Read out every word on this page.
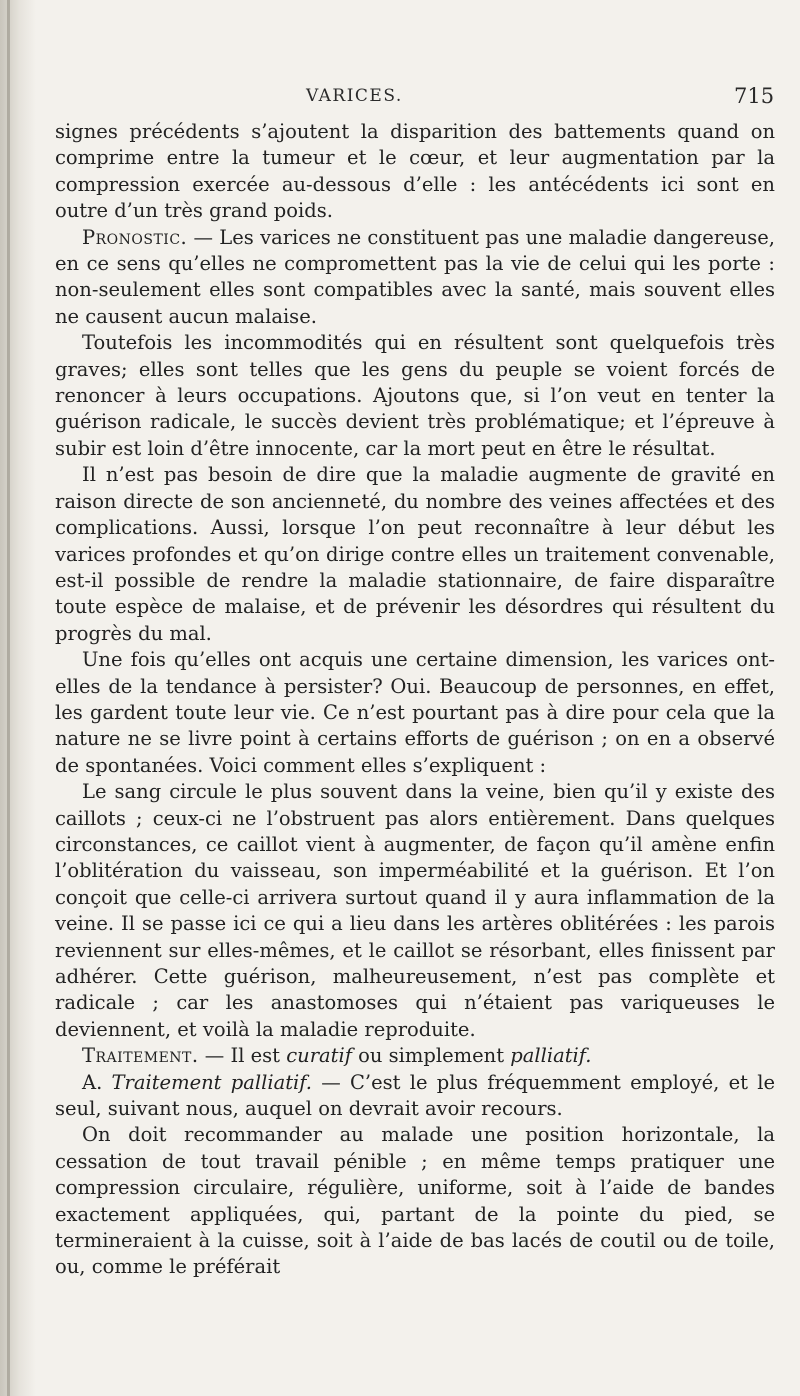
VARICES.	715

signes précédents s’ajoutent la disparition des battements quand on comprime entre la tumeur et le cœur, et leur augmentation par la compression exercée au-dessous d’elle : les antécédents ici sont en outre d’un très grand poids.

Pronostic. — Les varices ne constituent pas une maladie dangereuse, en ce sens qu’elles ne compromettent pas la vie de celui qui les porte : non-seulement elles sont compatibles avec la santé, mais souvent elles ne causent aucun malaise.

Toutefois les incommodités qui en résultent sont quelquefois très graves; elles sont telles que les gens du peuple se voient forcés de renoncer à leurs occupations. Ajoutons que, si l’on veut en tenter la guérison radicale, le succès devient très problématique; et l’épreuve à subir est loin d’être innocente, car la mort peut en être le résultat.

Il n’est pas besoin de dire que la maladie augmente de gravité en raison directe de son ancienneté, du nombre des veines affectées et des complications. Aussi, lorsque l’on peut reconnaître à leur début les varices profondes et qu’on dirige contre elles un traitement convenable, est-il possible de rendre la maladie stationnaire, de faire disparaître toute espèce de malaise, et de prévenir les désordres qui résultent du progrès du mal.

Une fois qu’elles ont acquis une certaine dimension, les varices ont-elles de la tendance à persister? Oui. Beaucoup de personnes, en effet, les gardent toute leur vie. Ce n’est pourtant pas à dire pour cela que la nature ne se livre point à certains efforts de guérison ; on en a observé de spontanées. Voici comment elles s’expliquent :

Le sang circule le plus souvent dans la veine, bien qu’il y existe des caillots ; ceux-ci ne l’obstruent pas alors entièrement. Dans quelques circonstances, ce caillot vient à augmenter, de façon qu’il amène enfin l’oblitération du vaisseau, son imperméabilité et la guérison. Et l’on conçoit que celle-ci arrivera surtout quand il y aura inflammation de la veine. Il se passe ici ce qui a lieu dans les artères oblitérées : les parois reviennent sur elles-mêmes, et le caillot se résorbant, elles finissent par adhérer. Cette guérison, malheureusement, n’est pas complète et radicale ; car les anastomoses qui n’étaient pas variqueuses le deviennent, et voilà la maladie reproduite.

Traitement. — Il est curatif ou simplement palliatif.

A. Traitement palliatif. — C’est le plus fréquemment employé, et le seul, suivant nous, auquel on devrait avoir recours.

On doit recommander au malade une position horizontale, la cessation de tout travail pénible ; en même temps pratiquer une compression circulaire, régulière, uniforme, soit à l’aide de bandes exactement appliquées, qui, partant de la pointe du pied, se termineraient à la cuisse, soit à l’aide de bas lacés de coutil ou de toile, ou, comme le préférait
